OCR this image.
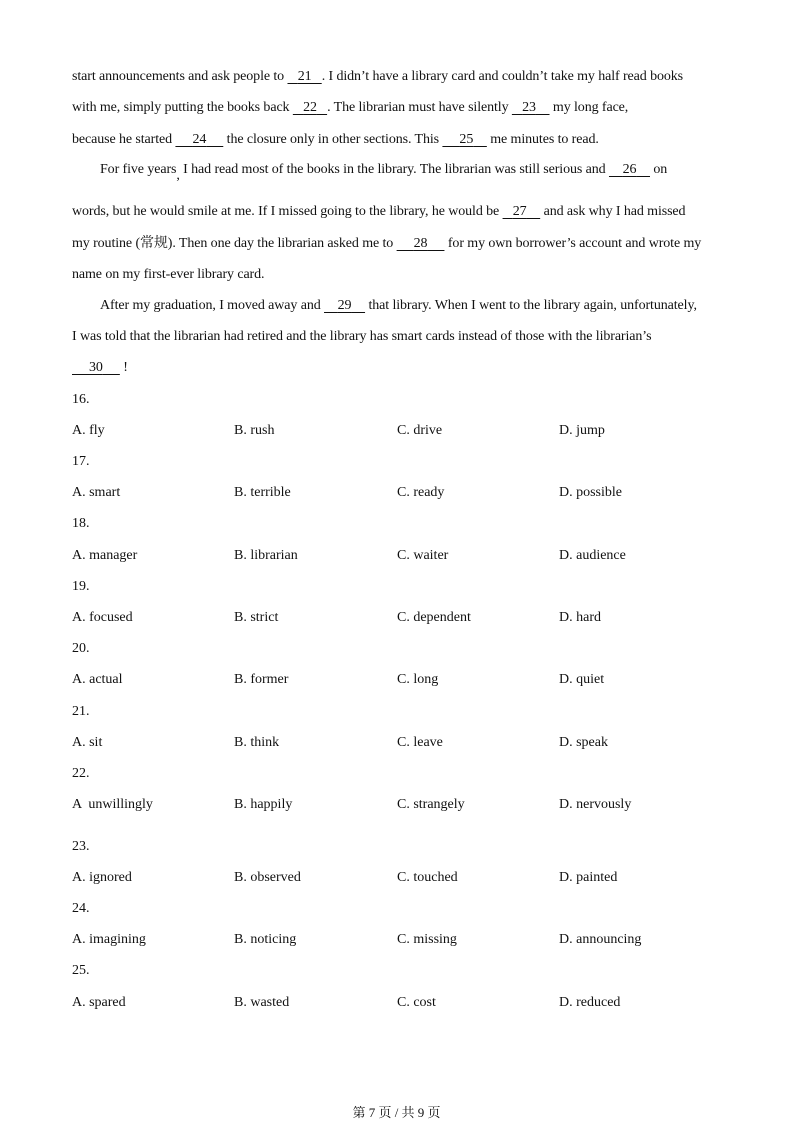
start announcements and ask people to    21 . I didn’t have a library card and couldn’t take my half read books
with me, simply putting the books back    22 . The librarian must have silently    23     my long face,
because he started      24      the closure only in other sections. This      25     me minutes to read.
For five years, I had read most of the books in the library. The librarian was still serious and     26     on
words, but he would smile at me. If I missed going to the library, he would be    27     and ask why I had missed
my routine (常规). Then one day the librarian asked me to      28      for my own borrower’s account and wrote my
name on my first-ever library card.
After my graduation, I moved away and     29     that library. When I went to the library again, unfortunately,
I was told that the librarian had retired and the library has smart cards instead of those with the librarian’s
30      !
16.
A. fly	B. rush	C. drive	D. jump
17.
A. smart	B. terrible	C. ready	D. possible
18.
A. manager	B. librarian	C. waiter	D. audience
19.
A. focused	B. strict	C. dependent	D. hard
20.
A. actual	B. former	C. long	D. quiet
21.
A. sit	B. think	C. leave	D. speak
22.
A  unwillingly	B. happily	C. strangely	D. nervously
23.
A. ignored	B. observed	C. touched	D. painted
24.
A. imagining	B. noticing	C. missing	D. announcing
25.
A. spared	B. wasted	C. cost	D. reduced
第 7 页 / 共 9 页
